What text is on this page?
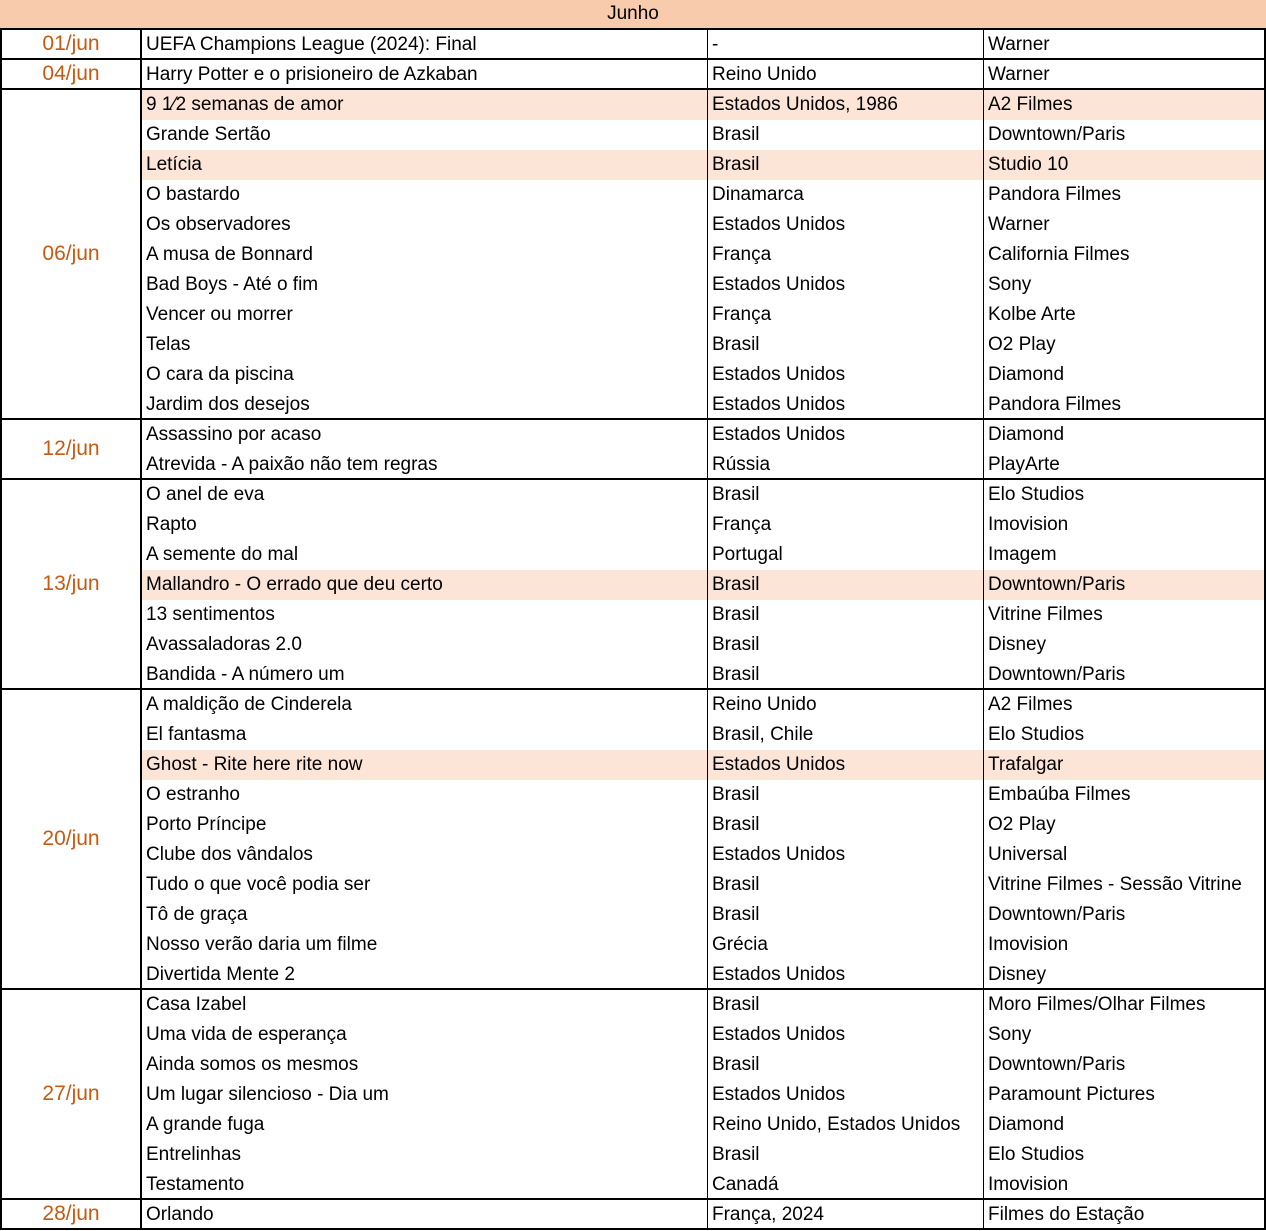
Junho
01/jun	UEFA Champions League (2024): Final	-	Warner
04/jun	Harry Potter e o prisioneiro de Azkaban	Reino Unido	Warner
06/jun
9 1⁄2 semanas de amor	Estados Unidos, 1986	A2 Filmes
Grande Sertão	Brasil	Downtown/Paris
Letícia	Brasil	Studio 10
O bastardo	Dinamarca	Pandora Filmes
Os observadores	Estados Unidos	Warner
A musa de Bonnard	França	California Filmes
Bad Boys - Até o fim	Estados Unidos	Sony
Vencer ou morrer	França	Kolbe Arte
Telas	Brasil	O2 Play
O cara da piscina	Estados Unidos	Diamond
Jardim dos desejos	Estados Unidos	Pandora Filmes
12/jun
Assassino por acaso	Estados Unidos	Diamond
Atrevida - A paixão não tem regras	Rússia	PlayArte
13/jun
O anel de eva	Brasil	Elo Studios
Rapto	França	Imovision
A semente do mal	Portugal	Imagem
Mallandro - O errado que deu certo	Brasil	Downtown/Paris
13 sentimentos	Brasil	Vitrine Filmes
Avassaladoras 2.0	Brasil	Disney
Bandida - A número um	Brasil	Downtown/Paris
20/jun
A maldição de Cinderela	Reino Unido	A2 Filmes
El fantasma	Brasil, Chile	Elo Studios
Ghost - Rite here rite now	Estados Unidos	Trafalgar
O estranho	Brasil	Embaúba Filmes
Porto Príncipe	Brasil	O2 Play
Clube dos vândalos	Estados Unidos	Universal
Tudo o que você podia ser	Brasil	Vitrine Filmes - Sessão Vitrine
Tô de graça	Brasil	Downtown/Paris
Nosso verão daria um filme	Grécia	Imovision
Divertida Mente 2	Estados Unidos	Disney
27/jun
Casa Izabel	Brasil	Moro Filmes/Olhar Filmes
Uma vida de esperança	Estados Unidos	Sony
Ainda somos os mesmos	Brasil	Downtown/Paris
Um lugar silencioso - Dia um	Estados Unidos	Paramount Pictures
A grande fuga	Reino Unido, Estados Unidos	Diamond
Entrelinhas	Brasil	Elo Studios
Testamento	Canadá	Imovision
28/jun	Orlando	França, 2024	Filmes do Estação
